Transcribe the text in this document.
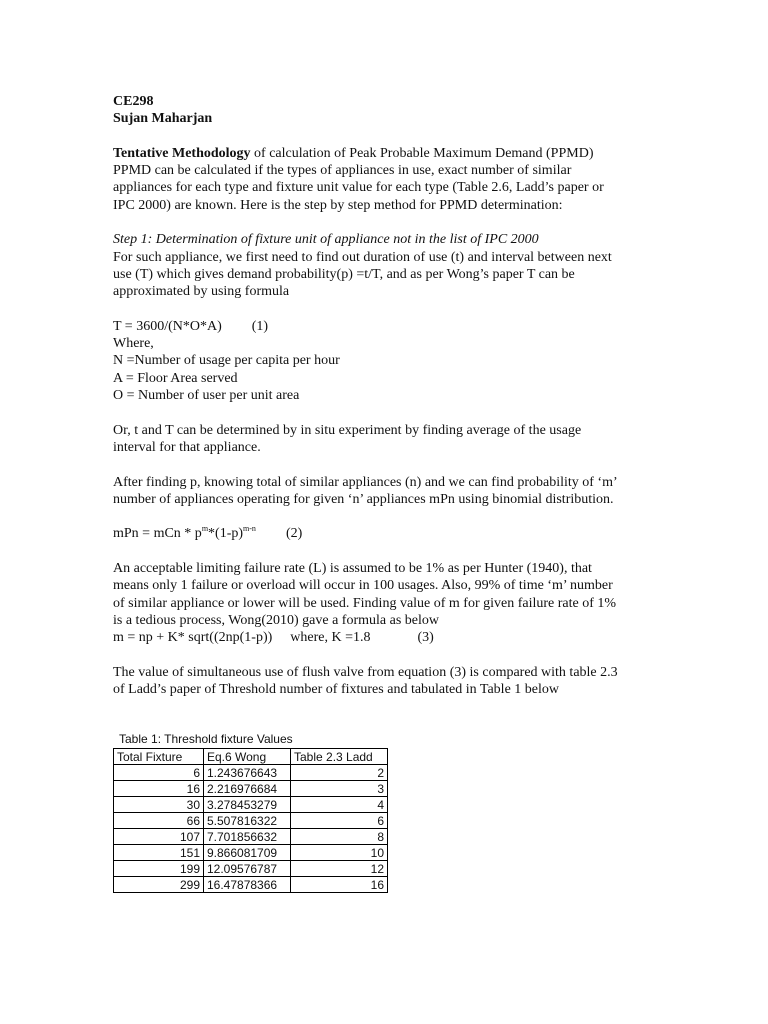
CE298

Sujan Maharjan

Tentative Methodology of calculation of Peak Probable Maximum Demand (PPMD)

PPMD can be calculated if the types of appliances in use, exact number of similar

appliances for each type and fixture unit value for each type (Table 2.6, Ladd’s paper or

IPC 2000) are known. Here is the step by step method for PPMD determination:

Step 1: Determination of fixture unit of appliance not in the list of IPC 2000

For such appliance, we first need to find out duration of use (t) and interval between next

use (T) which gives demand probability(p) =t/T, and as per Wong’s paper T can be

approximated by using formula

T = 3600/(N*O*A) (1)

Where,

N =Number of usage per capita per hour

A = Floor Area served

O = Number of user per unit area

Or, t and T can be determined by in situ experiment by finding average of the usage

interval for that appliance.

After finding p, knowing total of similar appliances (n) and we can find probability of ‘m’

number of appliances operating for given ‘n’ appliances mPn using binomial distribution.

mPn = mCn * $p^m*(1-p)^{m-n}$ (2)

An acceptable limiting failure rate (L) is assumed to be 1% as per Hunter (1940), that

means only 1 failure or overload will occur in 100 usages. Also, 99% of time ‘m’ number

of similar appliance or lower will be used. Finding value of m for given failure rate of 1%

is a tedious process, Wong(2010) gave a formula as below

m = np + K* sqrt((2np(1-p)) where, K =1.8	(3)

The value of simultaneous use of flush valve from equation (3) is compared with table 2.3

of Ladd’s paper of Threshold number of fixtures and tabulated in Table 1 below

Table 1: Threshold fixture Values
Total Fixture	Eq.6 Wong	Table 2.3 Ladd
6	1.243676643	2
16	2.216976684	3
30	3.278453279	4
66	5.507816322	6
107	7.701856632	8
151	9.866081709	10
199	12.09576787	12
299	16.47878366	16
